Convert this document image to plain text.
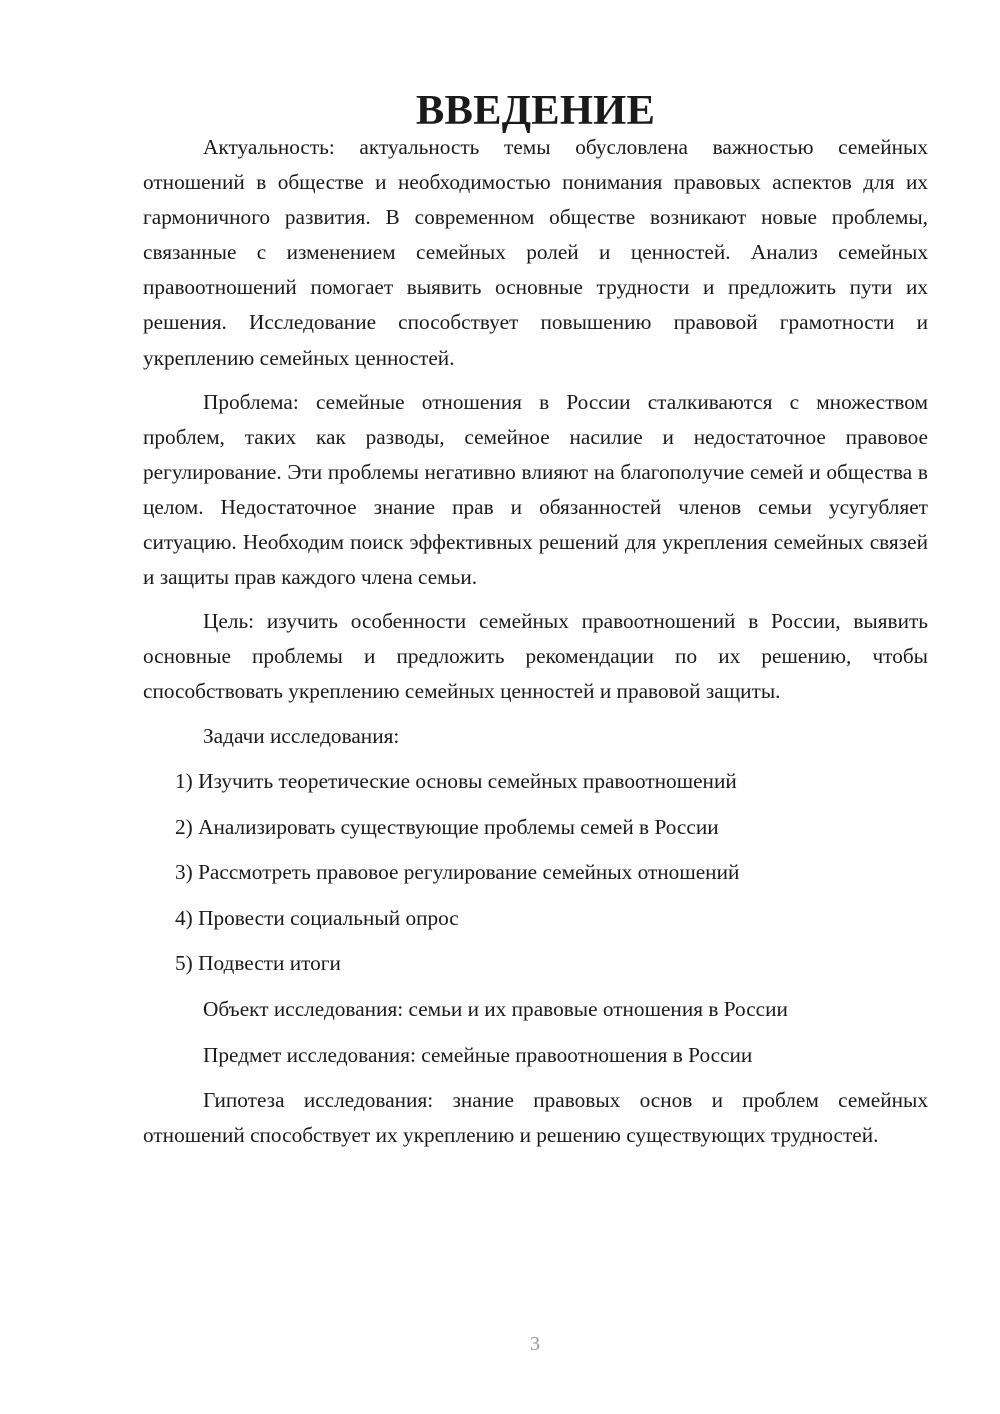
ВВЕДЕНИЕ

Актуальность: актуальность темы обусловлена важностью семейных отношений в обществе и необходимостью понимания правовых аспектов для их гармоничного развития. В современном обществе возникают новые проблемы, связанные с изменением семейных ролей и ценностей. Анализ семейных правоотношений помогает выявить основные трудности и предложить пути их решения. Исследование способствует повышению правовой грамотности и укреплению семейных ценностей.

Проблема: семейные отношения в России сталкиваются с множеством проблем, таких как разводы, семейное насилие и недостаточное правовое регулирование. Эти проблемы негативно влияют на благополучие семей и общества в целом. Недостаточное знание прав и обязанностей членов семьи усугубляет ситуацию. Необходим поиск эффективных решений для укрепления семейных связей и защиты прав каждого члена семьи.

Цель: изучить особенности семейных правоотношений в России, выявить основные проблемы и предложить рекомендации по их решению, чтобы способствовать укреплению семейных ценностей и правовой защиты.

Задачи исследования:

1) Изучить теоретические основы семейных правоотношений

2) Анализировать существующие проблемы семей в России

3) Рассмотреть правовое регулирование семейных отношений

4) Провести социальный опрос

5) Подвести итоги

Объект исследования: семьи и их правовые отношения в России

Предмет исследования: семейные правоотношения в России

Гипотеза исследования: знание правовых основ и проблем семейных отношений способствует их укреплению и решению существующих трудностей.

3
